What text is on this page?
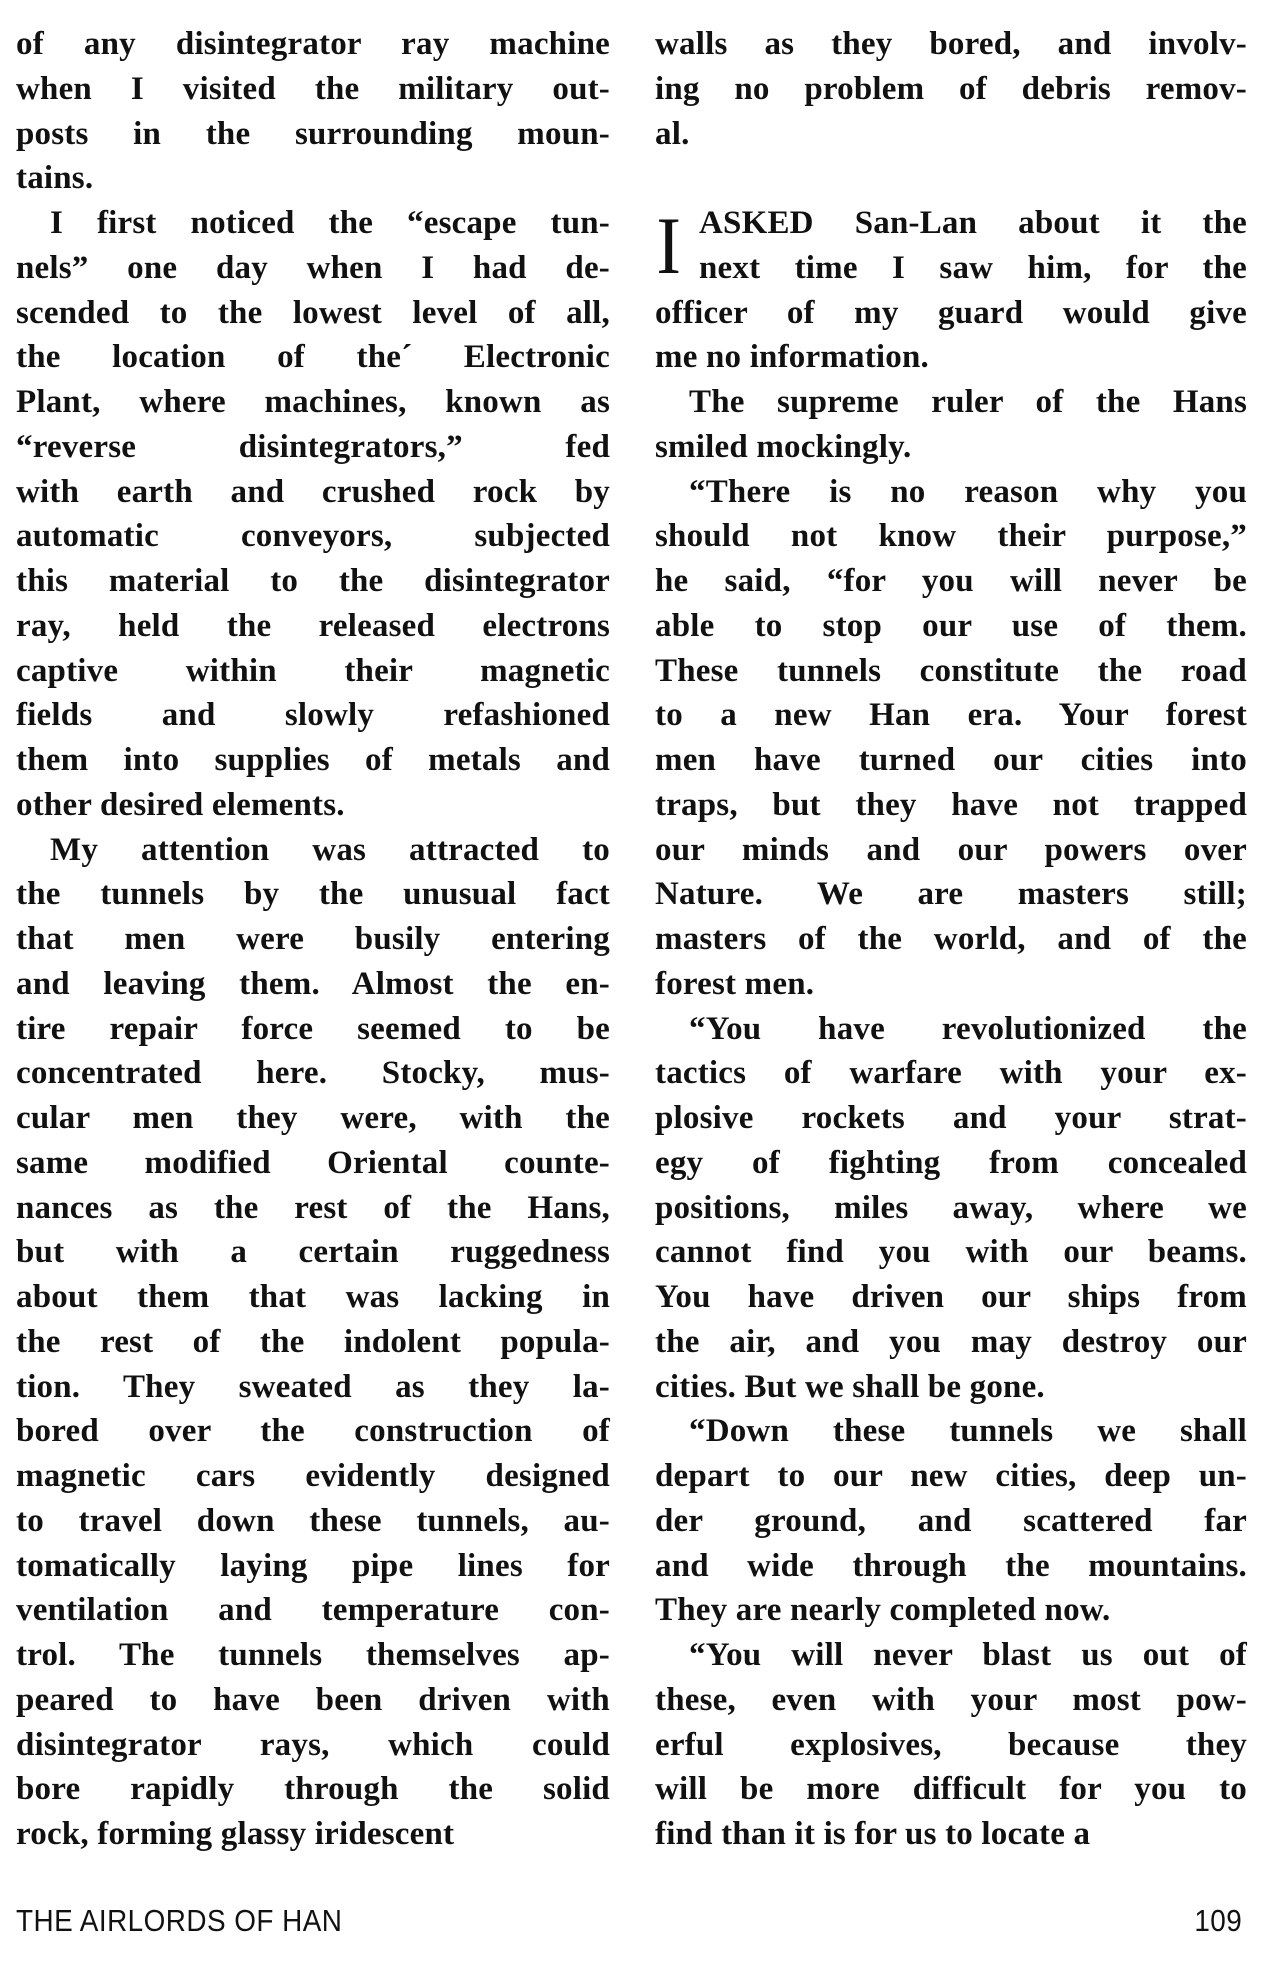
of any disintegrator ray machine
when I visited the military out-
posts in the surrounding moun-
tains.
I first noticed the “escape tun-
nels” one day when I had de-
scended to the lowest level of all,
the location of the´ Electronic
Plant, where machines, known as
“reverse disintegrators,” fed
with earth and crushed rock by
automatic conveyors, subjected
this material to the disintegrator
ray, held the released electrons
captive within their magnetic
fields and slowly refashioned
them into supplies of metals and
other desired elements.
My attention was attracted to
the tunnels by the unusual fact
that men were busily entering
and leaving them. Almost the en-
tire repair force seemed to be
concentrated here. Stocky, mus-
cular men they were, with the
same modified Oriental counte-
nances as the rest of the Hans,
but with a certain ruggedness
about them that was lacking in
the rest of the indolent popula-
tion. They sweated as they la-
bored over the construction of
magnetic cars evidently designed
to travel down these tunnels, au-
tomatically laying pipe lines for
ventilation and temperature con-
trol. The tunnels themselves ap-
peared to have been driven with
disintegrator rays, which could
bore rapidly through the solid
rock, forming glassy iridescent
I
walls as they bored, and involv-
ing no problem of debris remov-
al.
ASKED San-Lan about it the
next time I saw him, for the
officer of my guard would give
me no information.
The supreme ruler of the Hans
smiled mockingly.
“There is no reason why you
should not know their purpose,”
he said, “for you will never be
able to stop our use of them.
These tunnels constitute the road
to a new Han era. Your forest
men have turned our cities into
traps, but they have not trapped
our minds and our powers over
Nature. We are masters still;
masters of the world, and of the
forest men.
“You have revolutionized the
tactics of warfare with your ex-
plosive rockets and your strat-
egy of fighting from concealed
positions, miles away, where we
cannot find you with our beams.
You have driven our ships from
the air, and you may destroy our
cities. But we shall be gone.
“Down these tunnels we shall
depart to our new cities, deep un-
der ground, and scattered far
and wide through the mountains.
They are nearly completed now.
“You will never blast us out of
these, even with your most pow-
erful explosives, because they
will be more difficult for you to
find than it is for us to locate a
THE AIRLORDS OF HAN	109
